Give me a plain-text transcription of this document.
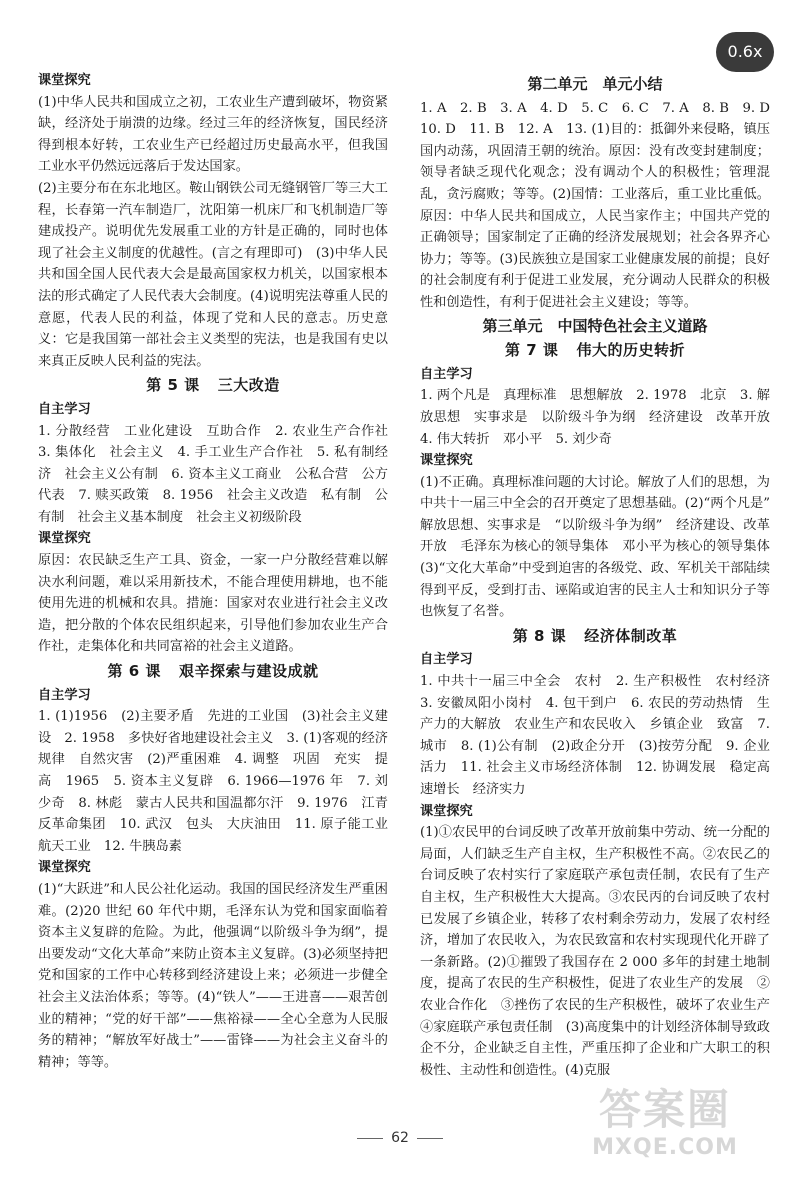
0.6x
课堂探究

(1)中华人民共和国成立之初，工农业生产遭到破坏，物资紧缺，经济处于崩溃的边缘。经过三年的经济恢复，国民经济得到根本好转，工农业生产已经超过历史最高水平，但我国工业水平仍然远远落后于发达国家。

(2)主要分布在东北地区。鞍山钢铁公司无缝钢管厂等三大工程，长春第一汽车制造厂，沈阳第一机床厂和飞机制造厂等建成投产。说明优先发展重工业的方针是正确的，同时也体现了社会主义制度的优越性。(言之有理即可)　(3)中华人民共和国全国人民代表大会是最高国家权力机关，以国家根本法的形式确定了人民代表大会制度。(4)说明宪法尊重人民的意愿，代表人民的利益，体现了党和人民的意志。历史意义：它是我国第一部社会主义类型的宪法，也是我国有史以来真正反映人民利益的宪法。

第 5 课 三大改造
自主学习

1. 分散经营　工业化建设　互助合作　2. 农业生产合作社　3. 集体化　社会主义　4. 手工业生产合作社　5. 私有制经济　社会主义公有制　6. 资本主义工商业　公私合营　公方代表　7. 赎买政策　8. 1956　社会主义改造　私有制　公有制　社会主义基本制度　社会主义初级阶段

课堂探究

原因：农民缺乏生产工具、资金，一家一户分散经营难以解决水利问题，难以采用新技术，不能合理使用耕地，也不能使用先进的机械和农具。措施：国家对农业进行社会主义改造，把分散的个体农民组织起来，引导他们参加农业生产合作社，走集体化和共同富裕的社会主义道路。

第 6 课 艰辛探索与建设成就
自主学习

1. (1)1956　(2)主要矛盾　先进的工业国　(3)社会主义建设　2. 1958　多快好省地建设社会主义　3. (1)客观的经济规律　自然灾害　(2)严重困难　4. 调整　巩固　充实　提高　1965　5. 资本主义复辟　6. 1966—1976 年　7. 刘少奇　8. 林彪　蒙古人民共和国温都尔汗　9. 1976　江青反革命集团　10. 武汉　包头　大庆油田　11. 原子能工业　航天工业　12. 牛胰岛素

课堂探究

(1)“大跃进”和人民公社化运动。我国的国民经济发生严重困难。(2)20 世纪 60 年代中期，毛泽东认为党和国家面临着资本主义复辟的危险。为此，他强调“以阶级斗争为纲”，提出要发动“文化大革命”来防止资本主义复辟。(3)必须坚持把党和国家的工作中心转移到经济建设上来；必须进一步健全社会主义法治体系；等等。(4)“铁人”——王进喜——艰苦创业的精神；“党的好干部”——焦裕禄——全心全意为人民服务的精神；“解放军好战士”——雷锋——为社会主义奋斗的精神；等等。

第二单元　单元小结

1. A　2. B　3. A　4. D　5. C　6. C　7. A　8. B　9. D　10. D　11. B　12. A　13. (1)目的：抵御外来侵略，镇压国内动荡，巩固清王朝的统治。原因：没有改变封建制度；领导者缺乏现代化观念；没有调动个人的积极性；管理混乱，贪污腐败；等等。(2)国情：工业落后，重工业比重低。原因：中华人民共和国成立，人民当家作主；中国共产党的正确领导；国家制定了正确的经济发展规划；社会各界齐心协力；等等。(3)民族独立是国家工业健康发展的前提；良好的社会制度有利于促进工业发展，充分调动人民群众的积极性和创造性，有利于促进社会主义建设；等等。

第三单元　中国特色社会主义道路
第 7 课 伟大的历史转折
自主学习

1. 两个凡是　真理标准　思想解放　2. 1978　北京　3. 解放思想　实事求是　以阶级斗争为纲　经济建设　改革开放　4. 伟大转折　邓小平　5. 刘少奇

课堂探究

(1)不正确。真理标准问题的大讨论。解放了人们的思想，为中共十一届三中全会的召开奠定了思想基础。(2)“两个凡是”　解放思想、实事求是　“以阶级斗争为纲”　经济建设、改革开放　毛泽东为核心的领导集体　邓小平为核心的领导集体　(3)“文化大革命”中受到迫害的各级党、政、军机关干部陆续得到平反，受到打击、诬陷或迫害的民主人士和知识分子等也恢复了名誉。

第 8 课 经济体制改革
自主学习

1. 中共十一届三中全会　农村　2. 生产积极性　农村经济　3. 安徽凤阳小岗村　4. 包干到户　6. 农民的劳动热情　生产力的大解放　农业生产和农民收入　乡镇企业　致富　7. 城市　8. (1)公有制　(2)政企分开　(3)按劳分配　9. 企业活力　11. 社会主义市场经济体制　12. 协调发展　稳定高速增长　经济实力

课堂探究

(1)①农民甲的台词反映了改革开放前集中劳动、统一分配的局面，人们缺乏生产自主权，生产积极性不高。②农民乙的台词反映了农村实行了家庭联产承包责任制，农民有了生产自主权，生产积极性大大提高。③农民丙的台词反映了农村已发展了乡镇企业，转移了农村剩余劳动力，发展了农村经济，增加了农民收入，为农民致富和农村实现现代化开辟了一条新路。(2)①摧毁了我国存在 2 000 多年的封建土地制度，提高了农民的生产积极性，促进了农业生产的发展　②农业合作化　③挫伤了农民的生产积极性，破坏了农业生产　④家庭联产承包责任制　(3)高度集中的计划经济体制导致政企不分，企业缺乏自主性，严重压抑了企业和广大职工的积极性、主动性和创造性。(4)克服

62
答案圈
MXQE.COM
